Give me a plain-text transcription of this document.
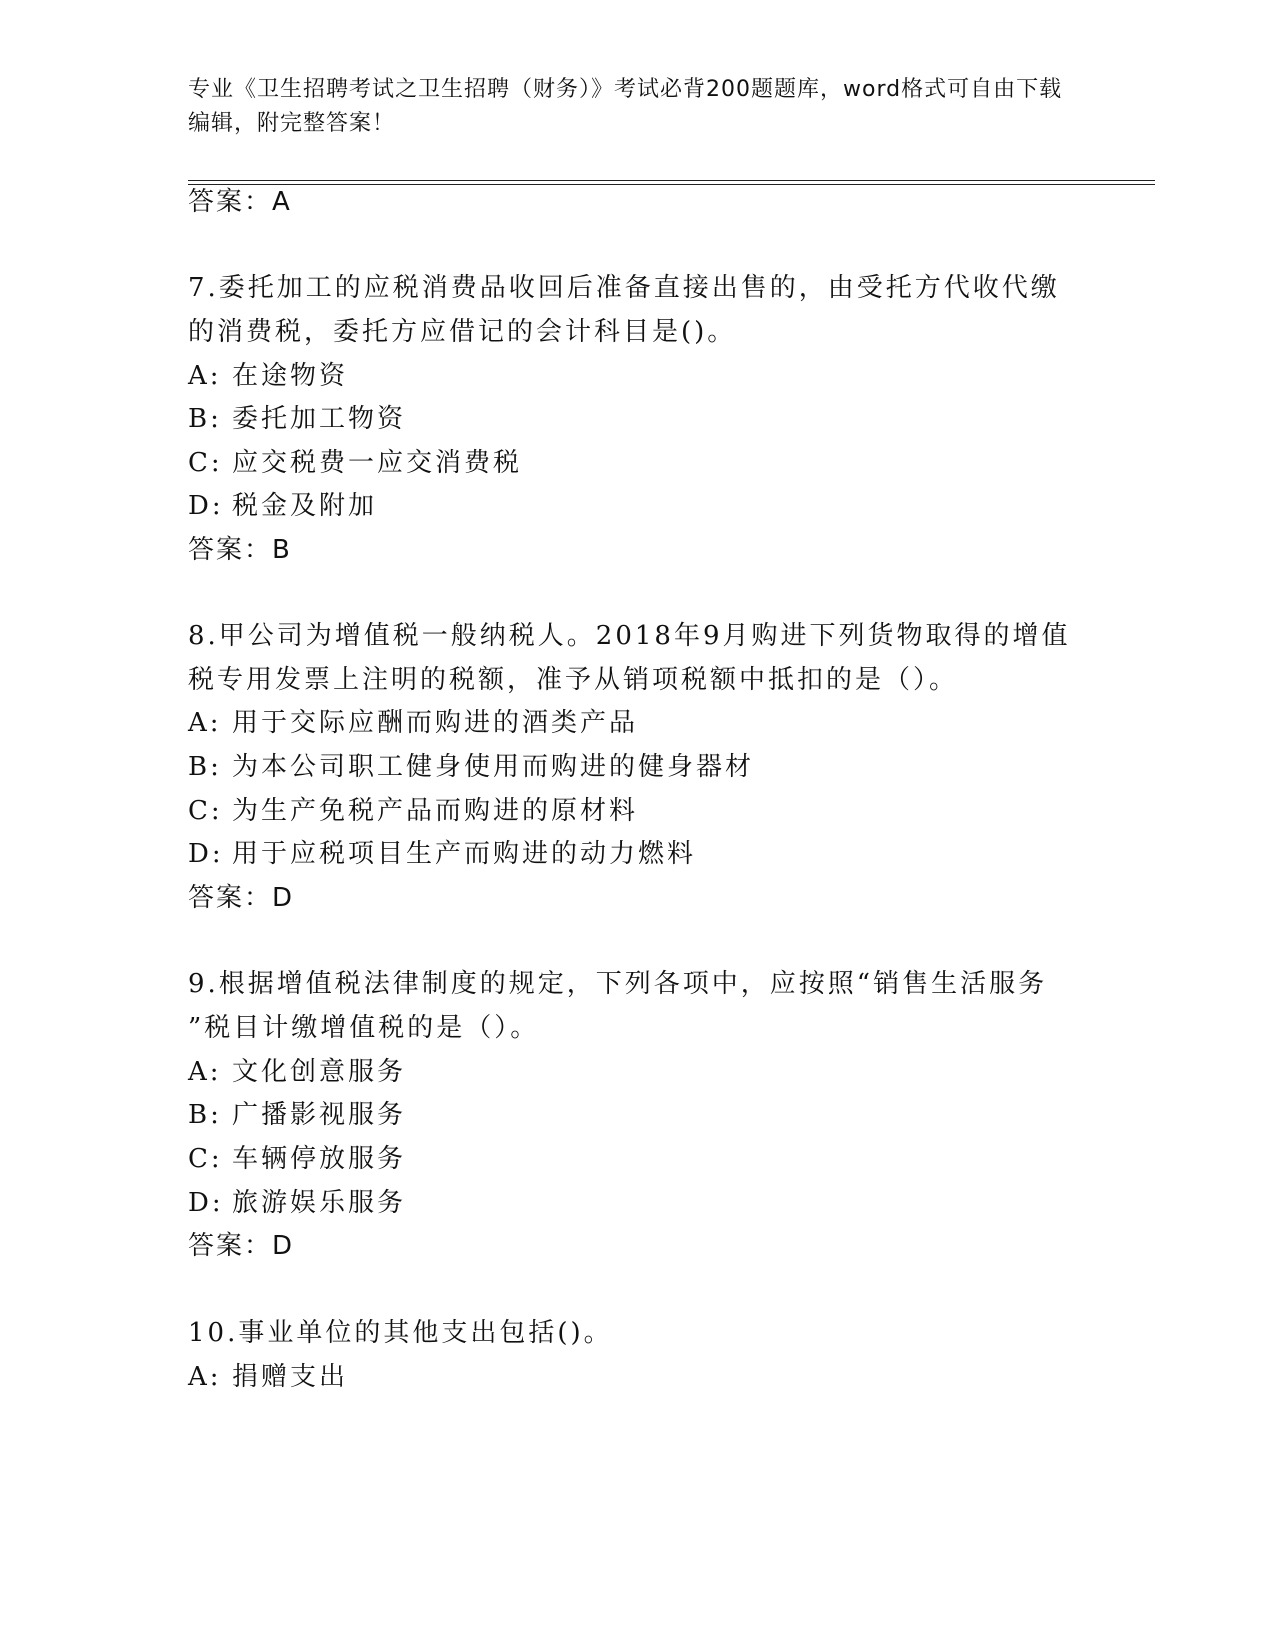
专业《卫生招聘考试之卫生招聘（财务）》考试必背200题题库，word格式可自由下载编辑，附完整答案！
答案：A
7.委托加工的应税消费品收回后准备直接出售的，由受托方代收代缴
的消费税，委托方应借记的会计科目是()。
A: 在途物资
B: 委托加工物资
C: 应交税费一应交消费税
D: 税金及附加
答案：B
8.甲公司为增值税一般纳税人。2018年9月购进下列货物取得的增值
税专用发票上注明的税额，准予从销项税额中抵扣的是（）。
A: 用于交际应酬而购进的酒类产品
B: 为本公司职工健身使用而购进的健身器材
C: 为生产免税产品而购进的原材料
D: 用于应税项目生产而购进的动力燃料
答案：D
9.根据增值税法律制度的规定，下列各项中，应按照“销售生活服务
”税目计缴增值税的是（）。
A: 文化创意服务
B: 广播影视服务
C: 车辆停放服务
D: 旅游娱乐服务
答案：D
10.事业单位的其他支出包括()。
A: 捐赠支出
